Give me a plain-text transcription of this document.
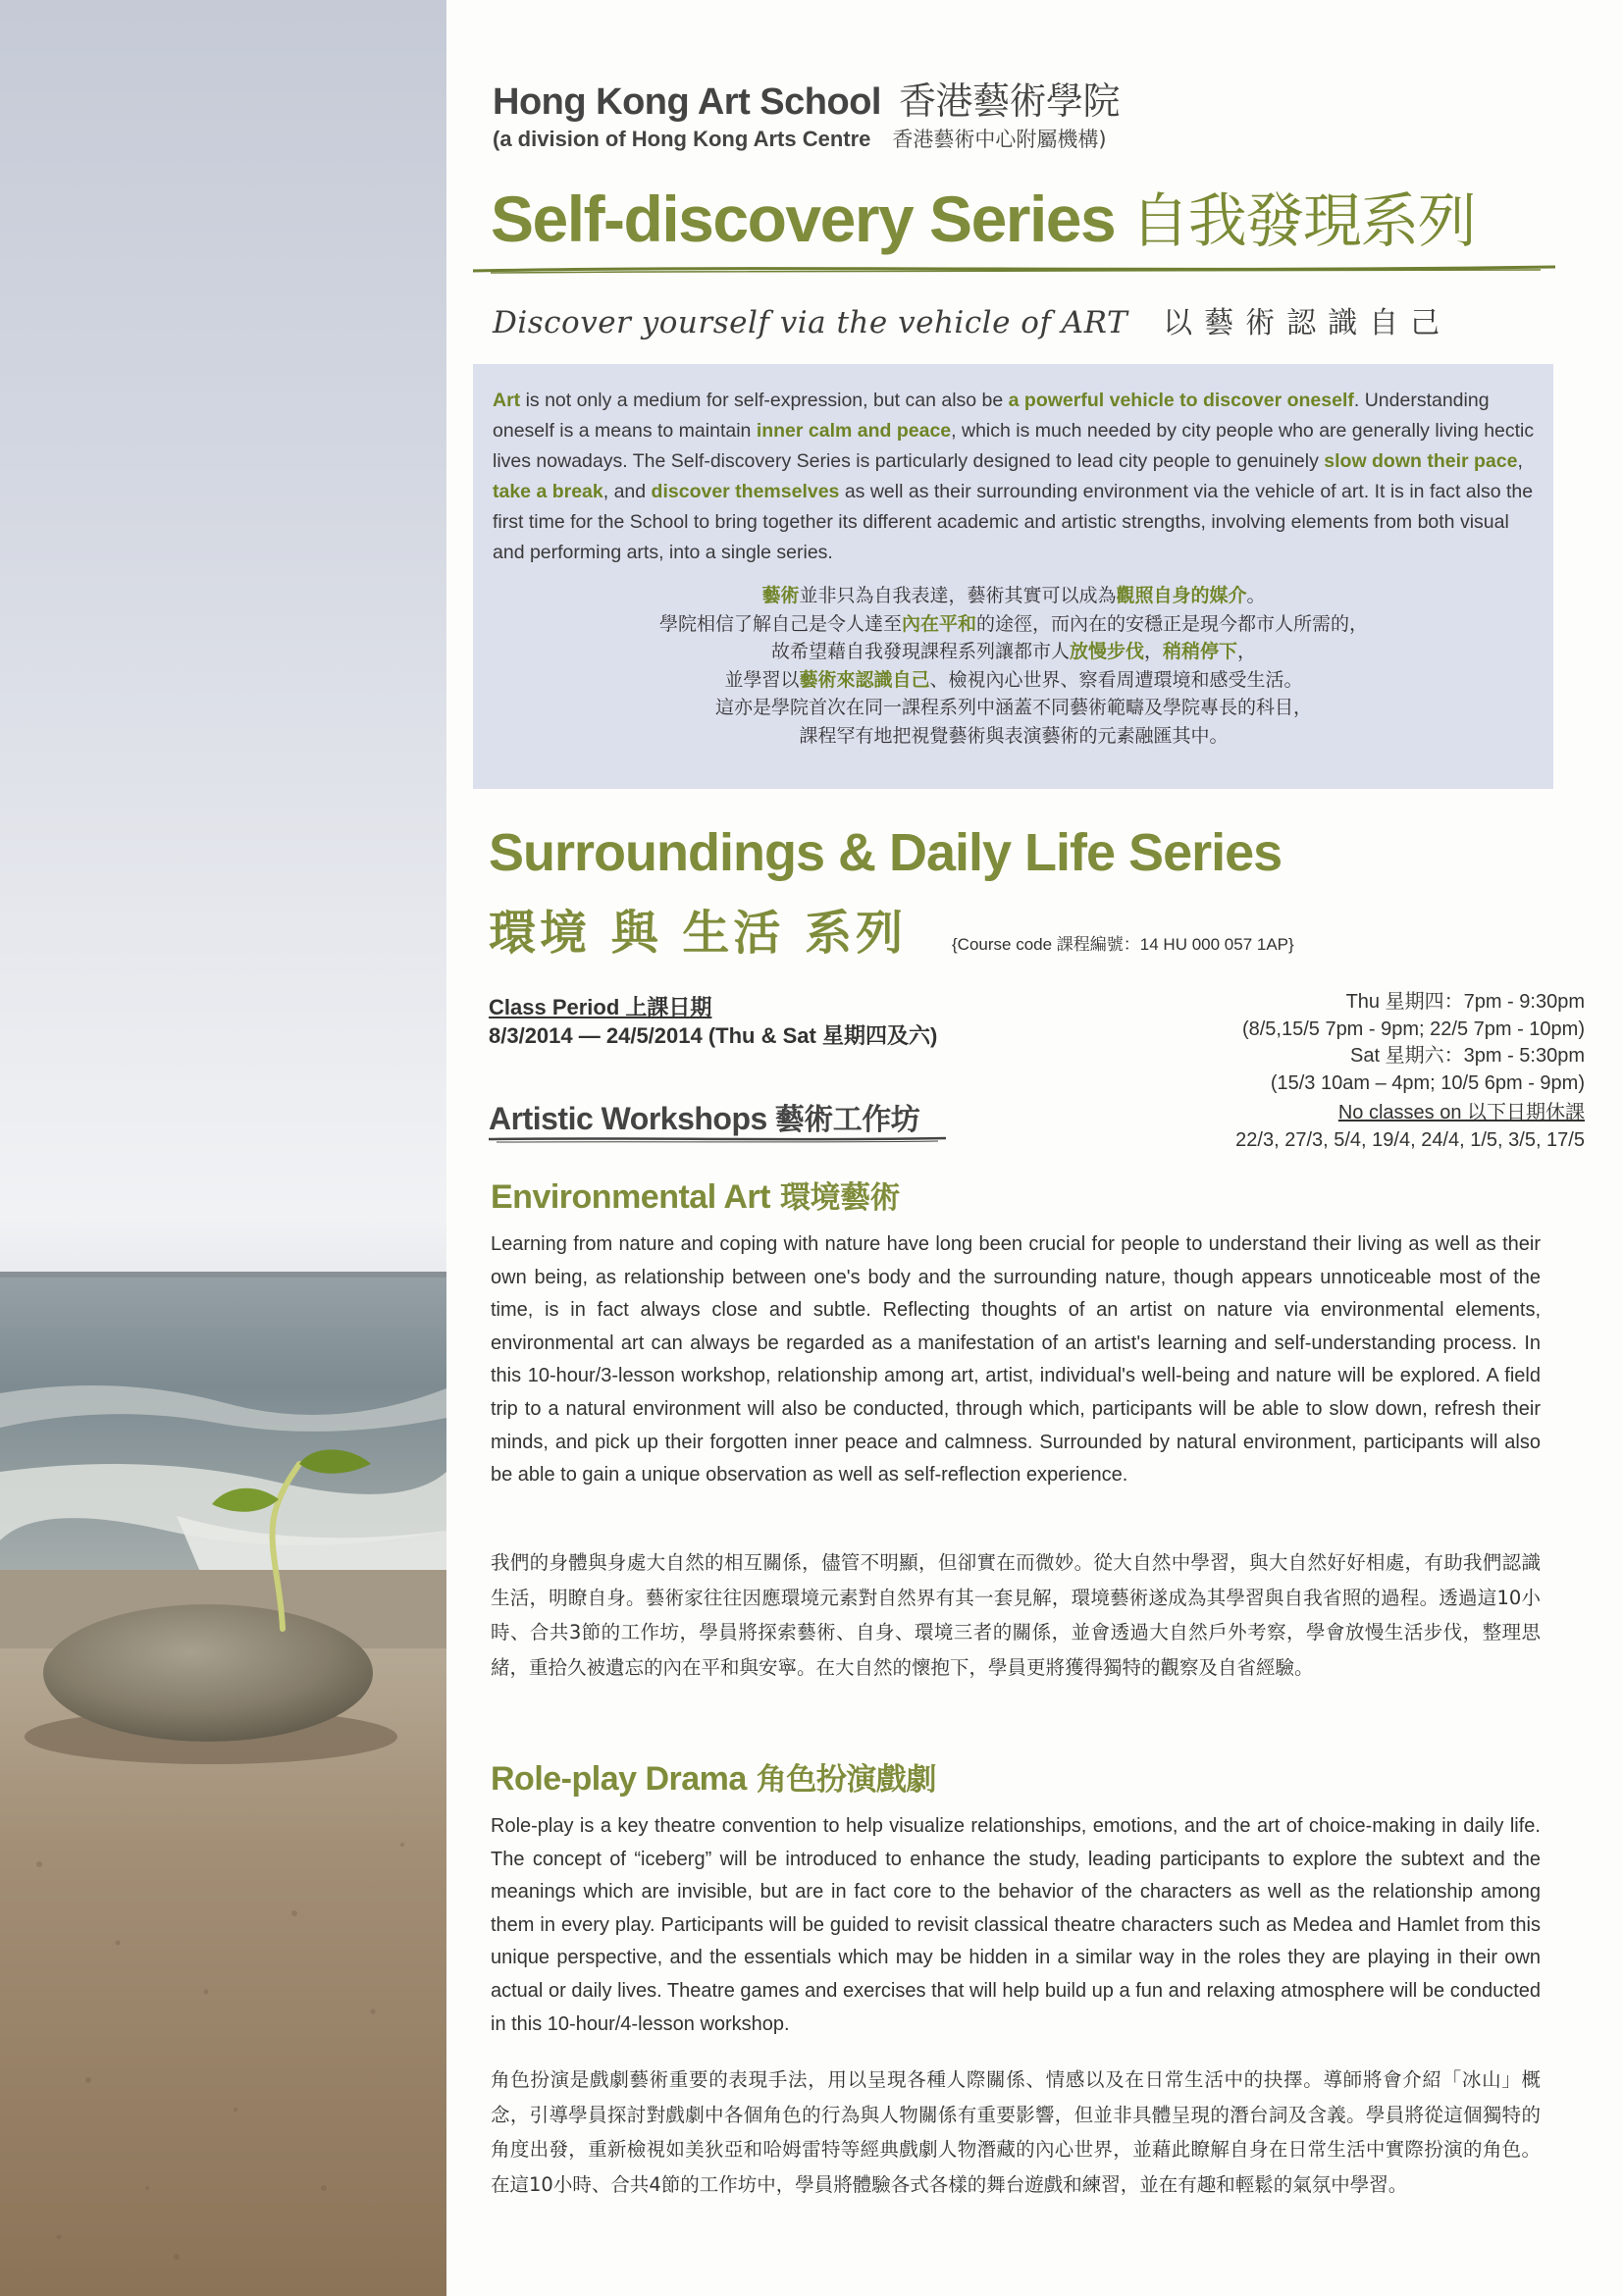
Hong Kong Art School 香港藝術學院
(a division of Hong Kong Arts Centre 香港藝術中心附屬機構)
Self-discovery Series 自我發現系列
Discover yourself via the vehicle of ART 以藝術認識自己

Art is not only a medium for self-expression, but can also be a powerful vehicle to discover oneself. Understanding oneself is a means to maintain inner calm and peace, which is much needed by city people who are generally living hectic lives nowadays. The Self-discovery Series is particularly designed to lead city people to genuinely slow down their pace, take a break, and discover themselves as well as their surrounding environment via the vehicle of art. It is in fact also the first time for the School to bring together its different academic and artistic strengths, involving elements from both visual and performing arts, into a single series.

藝術並非只為自我表達，藝術其實可以成為觀照自身的媒介。
學院相信了解自己是令人達至內在平和的途徑，而內在的安穩正是現今都市人所需的，
故希望藉自我發現課程系列讓都市人放慢步伐，稍稍停下，
並學習以藝術來認識自己、檢視內心世界、察看周遭環境和感受生活。
這亦是學院首次在同一課程系列中涵蓋不同藝術範疇及學院專長的科目，
課程罕有地把視覺藝術與表演藝術的元素融匯其中。

Surroundings & Daily Life Series
環境 與 生活 系列	{Course code 課程編號：14 HU 000 057 1AP}
Class Period 上課日期
8/3/2014 — 24/5/2014 (Thu & Sat 星期四及六)
Thu 星期四：7pm - 9:30pm
(8/5,15/5 7pm - 9pm; 22/5 7pm - 10pm)
Sat 星期六：3pm - 5:30pm
(15/3 10am – 4pm; 10/5 6pm - 9pm)
No classes on 以下日期休課
22/3, 27/3, 5/4, 19/4, 24/4, 1/5, 3/5, 17/5
Artistic Workshops 藝術工作坊
Environmental Art 環境藝術

Learning from nature and coping with nature have long been crucial for people to understand their living as well as their own being, as relationship between one's body and the surrounding nature, though appears unnoticeable most of the time, is in fact always close and subtle. Reflecting thoughts of an artist on nature via environmental elements, environmental art can always be regarded as a manifestation of an artist's learning and self-understanding process. In this 10-hour/3-lesson workshop, relationship among art, artist, individual's well-being and nature will be explored. A field trip to a natural environment will also be conducted, through which, participants will be able to slow down, refresh their minds, and pick up their forgotten inner peace and calmness. Surrounded by natural environment, participants will also be able to gain a unique observation as well as self-reflection experience.

我們的身體與身處大自然的相互關係，儘管不明顯，但卻實在而微妙。從大自然中學習，與大自然好好相處，有助我們認識生活，明瞭自身。藝術家往往因應環境元素對自然界有其一套見解，環境藝術遂成為其學習與自我省照的過程。透過這10小時、合共3節的工作坊，學員將探索藝術、自身、環境三者的關係，並會透過大自然戶外考察，學會放慢生活步伐，整理思緒，重拾久被遺忘的內在平和與安寧。在大自然的懷抱下，學員更將獲得獨特的觀察及自省經驗。

Role-play Drama 角色扮演戲劇

Role-play is a key theatre convention to help visualize relationships, emotions, and the art of choice-making in daily life. The concept of “iceberg” will be introduced to enhance the study, leading participants to explore the subtext and the meanings which are invisible, but are in fact core to the behavior of the characters as well as the relationship among them in every play. Participants will be guided to revisit classical theatre characters such as Medea and Hamlet from this unique perspective, and the essentials which may be hidden in a similar way in the roles they are playing in their own actual or daily lives. Theatre games and exercises that will help build up a fun and relaxing atmosphere will be conducted in this 10-hour/4-lesson workshop.

角色扮演是戲劇藝術重要的表現手法，用以呈現各種人際關係、情感以及在日常生活中的抉擇。導師將會介紹「冰山」概念，引導學員探討對戲劇中各個角色的行為與人物關係有重要影響，但並非具體呈現的潛台詞及含義。學員將從這個獨特的角度出發，重新檢視如美狄亞和哈姆雷特等經典戲劇人物潛藏的內心世界，並藉此瞭解自身在日常生活中實際扮演的角色。在這10小時、合共4節的工作坊中，學員將體驗各式各樣的舞台遊戲和練習，並在有趣和輕鬆的氣氛中學習。
